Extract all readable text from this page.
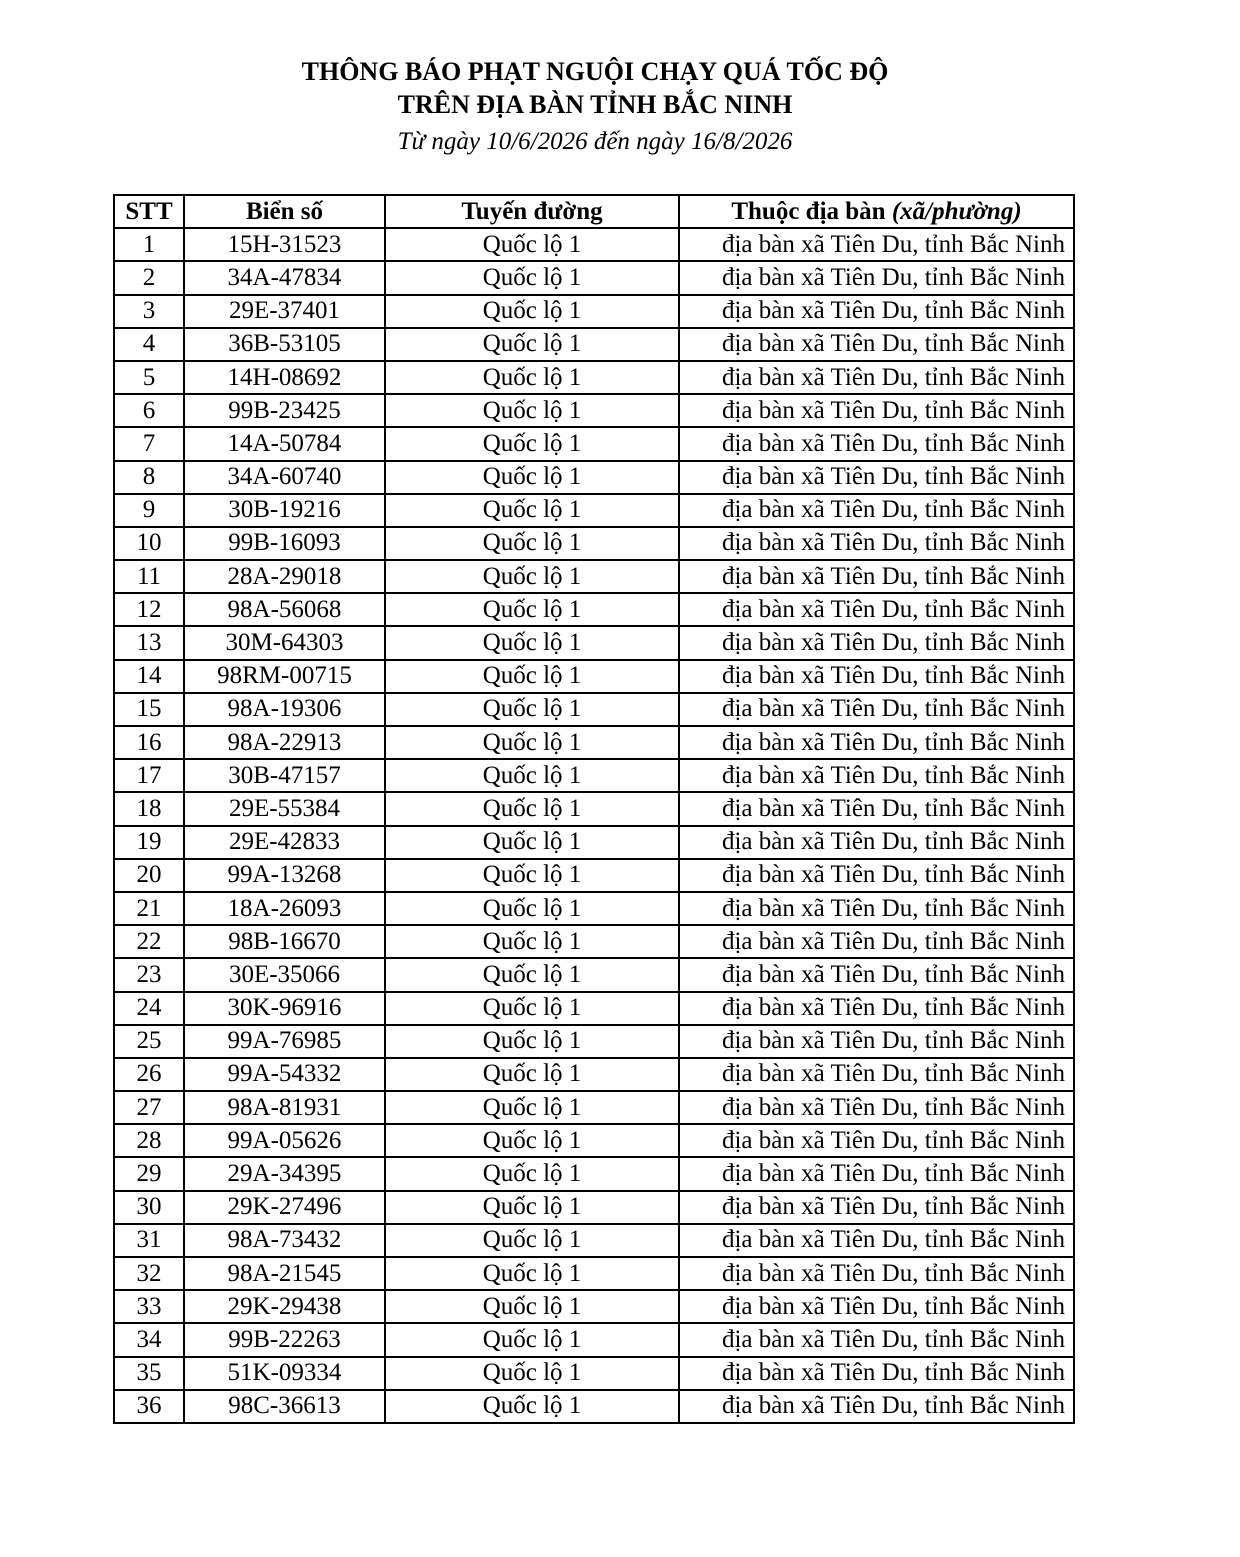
THÔNG BÁO PHẠT NGUỘI CHẠY QUÁ TỐC ĐỘ
TRÊN ĐỊA BÀN TỈNH BẮC NINH
Từ ngày 10/6/2026 đến ngày 16/8/2026
STT	Biển số	Tuyến đường	Thuộc địa bàn (xã/phường)
1	15H-31523	Quốc lộ 1	địa bàn xã Tiên Du, tỉnh Bắc Ninh
2	34A-47834	Quốc lộ 1	địa bàn xã Tiên Du, tỉnh Bắc Ninh
3	29E-37401	Quốc lộ 1	địa bàn xã Tiên Du, tỉnh Bắc Ninh
4	36B-53105	Quốc lộ 1	địa bàn xã Tiên Du, tỉnh Bắc Ninh
5	14H-08692	Quốc lộ 1	địa bàn xã Tiên Du, tỉnh Bắc Ninh
6	99B-23425	Quốc lộ 1	địa bàn xã Tiên Du, tỉnh Bắc Ninh
7	14A-50784	Quốc lộ 1	địa bàn xã Tiên Du, tỉnh Bắc Ninh
8	34A-60740	Quốc lộ 1	địa bàn xã Tiên Du, tỉnh Bắc Ninh
9	30B-19216	Quốc lộ 1	địa bàn xã Tiên Du, tỉnh Bắc Ninh
10	99B-16093	Quốc lộ 1	địa bàn xã Tiên Du, tỉnh Bắc Ninh
11	28A-29018	Quốc lộ 1	địa bàn xã Tiên Du, tỉnh Bắc Ninh
12	98A-56068	Quốc lộ 1	địa bàn xã Tiên Du, tỉnh Bắc Ninh
13	30M-64303	Quốc lộ 1	địa bàn xã Tiên Du, tỉnh Bắc Ninh
14	98RM-00715	Quốc lộ 1	địa bàn xã Tiên Du, tỉnh Bắc Ninh
15	98A-19306	Quốc lộ 1	địa bàn xã Tiên Du, tỉnh Bắc Ninh
16	98A-22913	Quốc lộ 1	địa bàn xã Tiên Du, tỉnh Bắc Ninh
17	30B-47157	Quốc lộ 1	địa bàn xã Tiên Du, tỉnh Bắc Ninh
18	29E-55384	Quốc lộ 1	địa bàn xã Tiên Du, tỉnh Bắc Ninh
19	29E-42833	Quốc lộ 1	địa bàn xã Tiên Du, tỉnh Bắc Ninh
20	99A-13268	Quốc lộ 1	địa bàn xã Tiên Du, tỉnh Bắc Ninh
21	18A-26093	Quốc lộ 1	địa bàn xã Tiên Du, tỉnh Bắc Ninh
22	98B-16670	Quốc lộ 1	địa bàn xã Tiên Du, tỉnh Bắc Ninh
23	30E-35066	Quốc lộ 1	địa bàn xã Tiên Du, tỉnh Bắc Ninh
24	30K-96916	Quốc lộ 1	địa bàn xã Tiên Du, tỉnh Bắc Ninh
25	99A-76985	Quốc lộ 1	địa bàn xã Tiên Du, tỉnh Bắc Ninh
26	99A-54332	Quốc lộ 1	địa bàn xã Tiên Du, tỉnh Bắc Ninh
27	98A-81931	Quốc lộ 1	địa bàn xã Tiên Du, tỉnh Bắc Ninh
28	99A-05626	Quốc lộ 1	địa bàn xã Tiên Du, tỉnh Bắc Ninh
29	29A-34395	Quốc lộ 1	địa bàn xã Tiên Du, tỉnh Bắc Ninh
30	29K-27496	Quốc lộ 1	địa bàn xã Tiên Du, tỉnh Bắc Ninh
31	98A-73432	Quốc lộ 1	địa bàn xã Tiên Du, tỉnh Bắc Ninh
32	98A-21545	Quốc lộ 1	địa bàn xã Tiên Du, tỉnh Bắc Ninh
33	29K-29438	Quốc lộ 1	địa bàn xã Tiên Du, tỉnh Bắc Ninh
34	99B-22263	Quốc lộ 1	địa bàn xã Tiên Du, tỉnh Bắc Ninh
35	51K-09334	Quốc lộ 1	địa bàn xã Tiên Du, tỉnh Bắc Ninh
36	98C-36613	Quốc lộ 1	địa bàn xã Tiên Du, tỉnh Bắc Ninh
